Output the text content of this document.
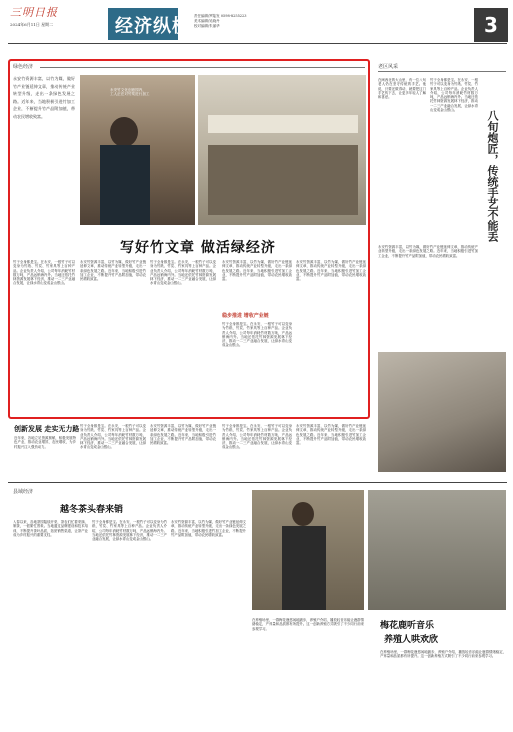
三明日报
2024年6月11日 星期二	经济纵横 责任编辑/罗陆发 0598-8255223
美术编辑/吴晓丹
校对编辑/朱丽华	3
绿色经济
永安竹文化创意园内，
工人正在对竹浆进行加工
永安竹资源丰富，以竹为媒，做好竹产业链延伸文章，推动传统产业转型升级，走出一条绿色发展之路。近年来，当地积极引进竹加工企业，不断提升竹产品附加值，带动农民增收致富。
写好竹文章 做活绿经济
竹子全身都是宝。在永安，一根竹子可以变身为竹纸、竹炭、竹家具等上百种产品。企业负责人介绍，公司每年消耗竹材数万吨，产品远销海内外。当地还依托竹林资源发展林下经济，推动一二三产业融合发展，让绿水青山变成金山银山。
永安竹资源丰富，以竹为媒，做好竹产业链延伸文章，推动传统产业转型升级，走出一条绿色发展之路。近年来，当地积极引进竹加工企业，不断提升竹产品附加值，带动农民增收致富。
竹子全身都是宝。在永安，一根竹子可以变身为竹纸、竹炭、竹家具等上百种产品。企业负责人介绍，公司每年消耗竹材数万吨，产品远销海内外。当地还依托竹林资源发展林下经济，推动一二三产业融合发展，让绿水青山变成金山银山。
稳步推进 增收产业链
永安竹资源丰富，以竹为媒，做好竹产业链延伸文章，推动传统产业转型升级，走出一条绿色发展之路。近年来，当地积极引进竹加工企业，不断提升竹产品附加值，带动农民增收致富。
竹子全身都是宝。在永安，一根竹子可以变身为竹纸、竹炭、竹家具等上百种产品。企业负责人介绍，公司每年消耗竹材数万吨，产品远销海内外。当地还依托竹林资源发展林下经济，推动一二三产业融合发展，让绿水青山变成金山银山。
永安竹资源丰富，以竹为媒，做好竹产业链延伸文章，推动传统产业转型升级，走出一条绿色发展之路。近年来，当地积极引进竹加工企业，不断提升竹产品附加值，带动农民增收致富。
创新发展 走实无力路
近年来，各地立足资源禀赋，积极发展特色产业，推动农业增效、农民增收，为乡村振兴注入强劲动力。
竹子全身都是宝。在永安，一根竹子可以变身为竹纸、竹炭、竹家具等上百种产品。企业负责人介绍，公司每年消耗竹材数万吨，产品远销海内外。当地还依托竹林资源发展林下经济，推动一二三产业融合发展，让绿水青山变成金山银山。
永安竹资源丰富，以竹为媒，做好竹产业链延伸文章，推动传统产业转型升级，走出一条绿色发展之路。近年来，当地积极引进竹加工企业，不断提升竹产品附加值，带动农民增收致富。
竹子全身都是宝。在永安，一根竹子可以变身为竹纸、竹炭、竹家具等上百种产品。企业负责人介绍，公司每年消耗竹材数万吨，产品远销海内外。当地还依托竹林资源发展林下经济，推动一二三产业融合发展，让绿水青山变成金山银山。
永安竹资源丰富，以竹为媒，做好竹产业链延伸文章，推动传统产业转型升级，走出一条绿色发展之路。近年来，当地积极引进竹加工企业，不断提升竹产品附加值，带动农民增收致富。
老区风采
八旬炮匠，传统手艺不能丢
在闽西北的大山里，有一位八旬老人仍在坚守传统的手艺。他说，只要还做得动，就要把这门手艺传下去，让更多年轻人了解和喜爱。
竹子全身都是宝。在永安，一根竹子可以变身为竹纸、竹炭、竹家具等上百种产品。企业负责人介绍，公司每年消耗竹材数万吨，产品远销海内外。当地还依托竹林资源发展林下经济，推动一二三产业融合发展，让绿水青山变成金山银山。
永安竹资源丰富，以竹为媒，做好竹产业链延伸文章，推动传统产业转型升级，走出一条绿色发展之路。近年来，当地积极引进竹加工企业，不断提升竹产品附加值，带动农民增收致富。
县域经济
越冬茶头春来销
入春以来，各地茶园陆续开采，茶农们忙着采摘、制茶，一派繁忙景象。当地通过品牌建设和技术培训，不断提升茶叶品质，拓宽销售渠道，让茶产业成为乡村振兴的重要支柱。
竹子全身都是宝。在永安，一根竹子可以变身为竹纸、竹炭、竹家具等上百种产品。企业负责人介绍，公司每年消耗竹材数万吨，产品远销海内外。当地还依托竹林资源发展林下经济，推动一二三产业融合发展，让绿水青山变成金山银山。
永安竹资源丰富，以竹为媒，做好竹产业链延伸文章，推动传统产业转型升级，走出一条绿色发展之路。近年来，当地积极引进竹加工企业，不断提升竹产品附加值，带动农民增收致富。
梅花鹿听音乐
养殖人哄欢欣
在养殖场里，一群梅花鹿悠闲地踱步，养殖户介绍，播放轻音乐能让鹿群情绪稳定，产茸量和品质都有所提升。这一创新养殖方式吸引了不少同行前来参观学习。
在养殖场里，一群梅花鹿悠闲地踱步，养殖户介绍，播放轻音乐能让鹿群情绪稳定，产茸量和品质都有所提升。这一创新养殖方式吸引了不少同行前来参观学习。
